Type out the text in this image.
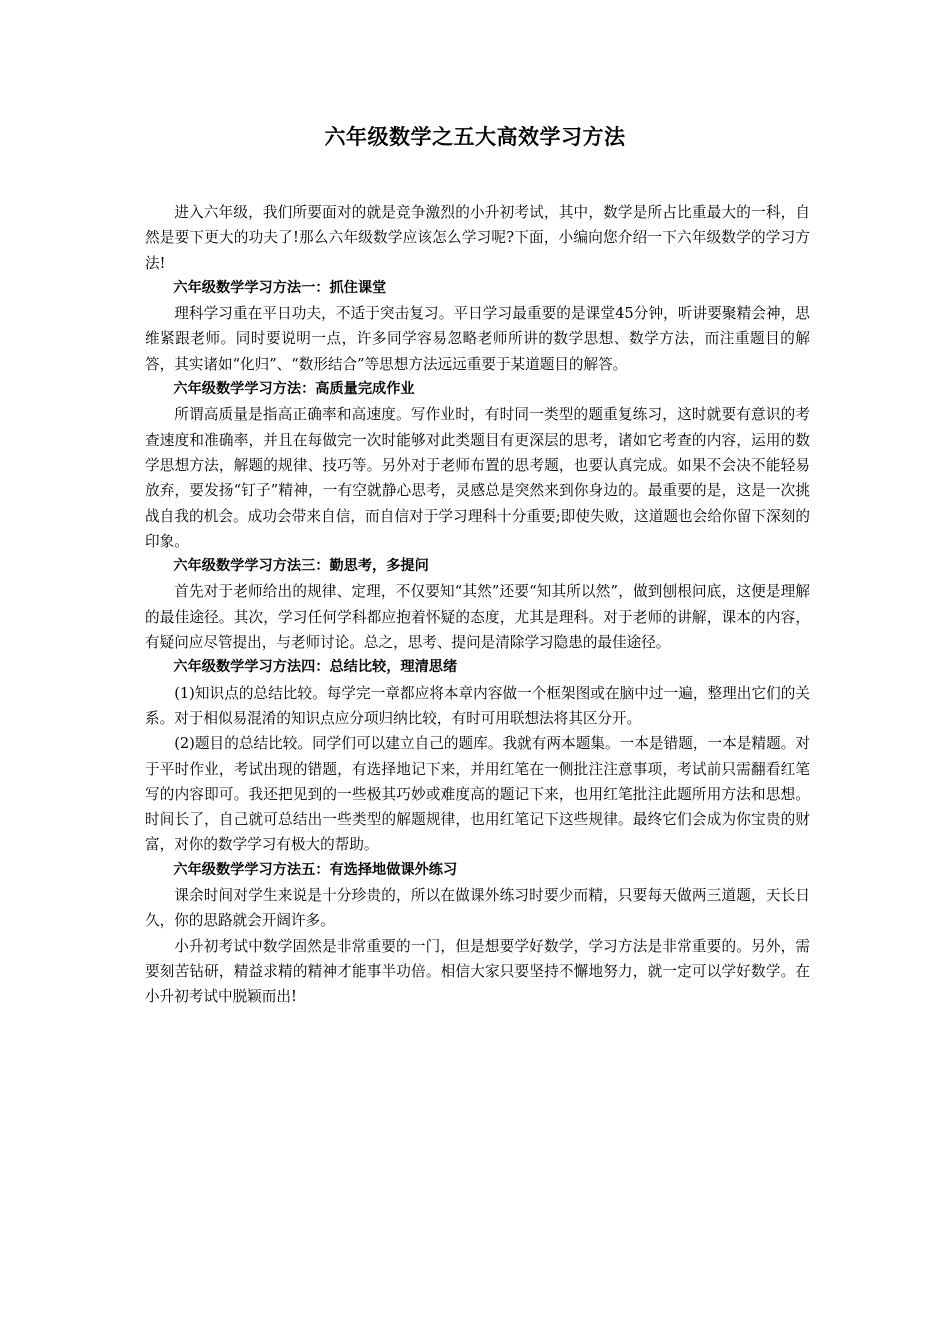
六年级数学之五大高效学习方法

进入六年级，我们所要面对的就是竞争激烈的小升初考试，其中，数学是所占比重最大的一科，自然是要下更大的功夫了!那么六年级数学应该怎么学习呢?下面，小编向您介绍一下六年级数学的学习方法!

六年级数学学习方法一：抓住课堂

理科学习重在平日功夫，不适于突击复习。平日学习最重要的是课堂45分钟，听讲要聚精会神，思维紧跟老师。同时要说明一点，许多同学容易忽略老师所讲的数学思想、数学方法，而注重题目的解答，其实诸如“化归”、“数形结合”等思想方法远远重要于某道题目的解答。

六年级数学学习方法：高质量完成作业

所谓高质量是指高正确率和高速度。写作业时，有时同一类型的题重复练习，这时就要有意识的考查速度和准确率，并且在每做完一次时能够对此类题目有更深层的思考，诸如它考查的内容，运用的数学思想方法，解题的规律、技巧等。另外对于老师布置的思考题，也要认真完成。如果不会决不能轻易放弃，要发扬“钉子”精神，一有空就静心思考，灵感总是突然来到你身边的。最重要的是，这是一次挑战自我的机会。成功会带来自信，而自信对于学习理科十分重要;即使失败，这道题也会给你留下深刻的印象。

六年级数学学习方法三：勤思考，多提问

首先对于老师给出的规律、定理，不仅要知“其然”还要“知其所以然”，做到刨根问底，这便是理解的最佳途径。其次，学习任何学科都应抱着怀疑的态度，尤其是理科。对于老师的讲解，课本的内容，有疑问应尽管提出，与老师讨论。总之，思考、提问是清除学习隐患的最佳途径。

六年级数学学习方法四：总结比较，理清思绪

(1)知识点的总结比较。每学完一章都应将本章内容做一个框架图或在脑中过一遍，整理出它们的关系。对于相似易混淆的知识点应分项归纳比较，有时可用联想法将其区分开。

(2)题目的总结比较。同学们可以建立自己的题库。我就有两本题集。一本是错题，一本是精题。对于平时作业，考试出现的错题，有选择地记下来，并用红笔在一侧批注注意事项，考试前只需翻看红笔写的内容即可。我还把见到的一些极其巧妙或难度高的题记下来，也用红笔批注此题所用方法和思想。时间长了，自己就可总结出一些类型的解题规律，也用红笔记下这些规律。最终它们会成为你宝贵的财富，对你的数学学习有极大的帮助。

六年级数学学习方法五：有选择地做课外练习

课余时间对学生来说是十分珍贵的，所以在做课外练习时要少而精，只要每天做两三道题，天长日久，你的思路就会开阔许多。

小升初考试中数学固然是非常重要的一门，但是想要学好数学，学习方法是非常重要的。另外，需要刻苦钻研，精益求精的精神才能事半功倍。相信大家只要坚持不懈地努力，就一定可以学好数学。在小升初考试中脱颖而出!
